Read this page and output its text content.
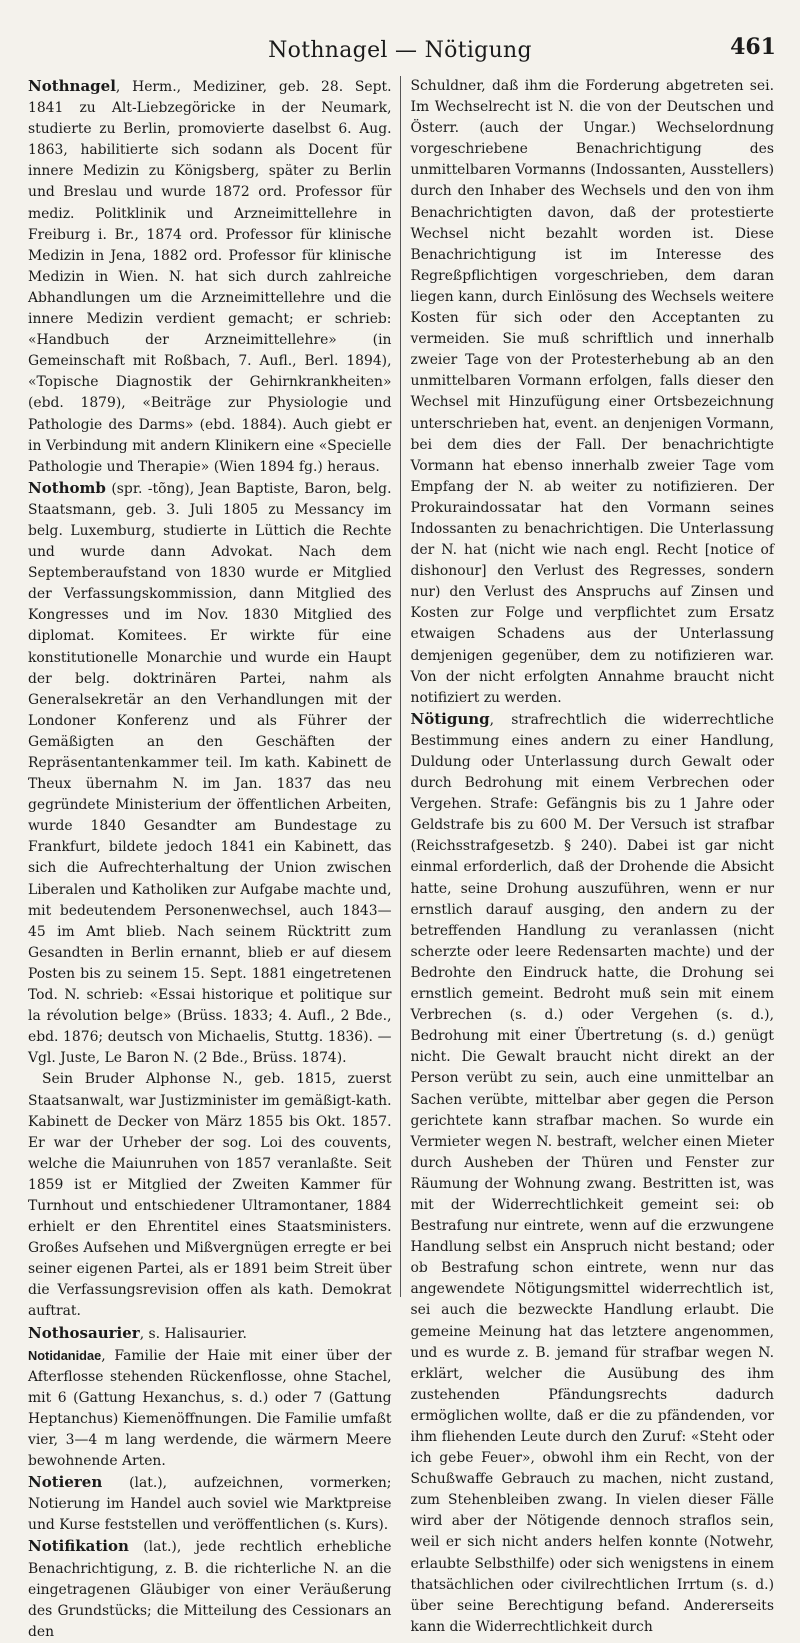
Nothnagel — Nötigung	461

Nothnagel, Herm., Mediziner, geb. 28. Sept. 1841 zu Alt-Liebzegöricke in der Neumark, studierte zu Berlin, promovierte daselbst 6. Aug. 1863, habilitierte sich sodann als Docent für innere Medizin zu Königsberg, später zu Berlin und Breslau und wurde 1872 ord. Professor für mediz. Politklinik und Arzneimittellehre in Freiburg i. Br., 1874 ord. Professor für klinische Medizin in Jena, 1882 ord. Professor für klinische Medizin in Wien. N. hat sich durch zahlreiche Abhandlungen um die Arzneimittellehre und die innere Medizin verdient gemacht; er schrieb: «Handbuch der Arzneimittellehre» (in Gemeinschaft mit Roßbach, 7. Aufl., Berl. 1894), «Topische Diagnostik der Gehirnkrankheiten» (ebd. 1879), «Beiträge zur Physiologie und Pathologie des Darms» (ebd. 1884). Auch giebt er in Verbindung mit andern Klinikern eine «Specielle Pathologie und Therapie» (Wien 1894 fg.) heraus.

Nothomb (spr. -tõng), Jean Baptiste, Baron, belg. Staatsmann, geb. 3. Juli 1805 zu Messancy im belg. Luxemburg, studierte in Lüttich die Rechte und wurde dann Advokat. Nach dem Septemberaufstand von 1830 wurde er Mitglied der Verfassungskommission, dann Mitglied des Kongresses und im Nov. 1830 Mitglied des diplomat. Komitees. Er wirkte für eine konstitutionelle Monarchie und wurde ein Haupt der belg. doktrinären Partei, nahm als Generalsekretär an den Verhandlungen mit der Londoner Konferenz und als Führer der Gemäßigten an den Geschäften der Repräsentantenkammer teil. Im kath. Kabinett de Theux übernahm N. im Jan. 1837 das neu gegründete Ministerium der öffentlichen Arbeiten, wurde 1840 Gesandter am Bundestage zu Frankfurt, bildete jedoch 1841 ein Kabinett, das sich die Aufrechterhaltung der Union zwischen Liberalen und Katholiken zur Aufgabe machte und, mit bedeutendem Personenwechsel, auch 1843—45 im Amt blieb. Nach seinem Rücktritt zum Gesandten in Berlin ernannt, blieb er auf diesem Posten bis zu seinem 15. Sept. 1881 eingetretenen Tod. N. schrieb: «Essai historique et politique sur la révolution belge» (Brüss. 1833; 4. Aufl., 2 Bde., ebd. 1876; deutsch von Michaelis, Stuttg. 1836). — Vgl. Juste, Le Baron N. (2 Bde., Brüss. 1874).

Sein Bruder Alphonse N., geb. 1815, zuerst Staatsanwalt, war Justizminister im gemäßigt-kath. Kabinett de Decker von März 1855 bis Okt. 1857. Er war der Urheber der sog. Loi des couvents, welche die Maiunruhen von 1857 veranlaßte. Seit 1859 ist er Mitglied der Zweiten Kammer für Turnhout und entschiedener Ultramontaner, 1884 erhielt er den Ehrentitel eines Staatsministers. Großes Aufsehen und Mißvergnügen erregte er bei seiner eigenen Partei, als er 1891 beim Streit über die Verfassungsrevision offen als kath. Demokrat auftrat.

Nothosaurier, s. Halisaurier.

Notidanidae, Familie der Haie mit einer über der Afterflosse stehenden Rückenflosse, ohne Stachel, mit 6 (Gattung Hexanchus, s. d.) oder 7 (Gattung Heptanchus) Kiemenöffnungen. Die Familie umfaßt vier, 3—4 m lang werdende, die wärmern Meere bewohnende Arten.

Notieren (lat.), aufzeichnen, vormerken; Notierung im Handel auch soviel wie Marktpreise und Kurse feststellen und veröffentlichen (s. Kurs).

Notifikation (lat.), jede rechtlich erhebliche Benachrichtigung, z. B. die richterliche N. an die eingetragenen Gläubiger von einer Veräußerung des Grundstücks; die Mitteilung des Cessionars an den

Schuldner, daß ihm die Forderung abgetreten sei. Im Wechselrecht ist N. die von der Deutschen und Österr. (auch der Ungar.) Wechselordnung vorgeschriebene Benachrichtigung des unmittelbaren Vormanns (Indossanten, Ausstellers) durch den Inhaber des Wechsels und den von ihm Benachrichtigten davon, daß der protestierte Wechsel nicht bezahlt worden ist. Diese Benachrichtigung ist im Interesse des Regreßpflichtigen vorgeschrieben, dem daran liegen kann, durch Einlösung des Wechsels weitere Kosten für sich oder den Acceptanten zu vermeiden. Sie muß schriftlich und innerhalb zweier Tage von der Protesterhebung ab an den unmittelbaren Vormann erfolgen, falls dieser den Wechsel mit Hinzufügung einer Ortsbezeichnung unterschrieben hat, event. an denjenigen Vormann, bei dem dies der Fall. Der benachrichtigte Vormann hat ebenso innerhalb zweier Tage vom Empfang der N. ab weiter zu notifizieren. Der Prokuraindossatar hat den Vormann seines Indossanten zu benachrichtigen. Die Unterlassung der N. hat (nicht wie nach engl. Recht [notice of dishonour] den Verlust des Regresses, sondern nur) den Verlust des Anspruchs auf Zinsen und Kosten zur Folge und verpflichtet zum Ersatz etwaigen Schadens aus der Unterlassung demjenigen gegenüber, dem zu notifizieren war. Von der nicht erfolgten Annahme braucht nicht notifiziert zu werden.

Nötigung, strafrechtlich die widerrechtliche Bestimmung eines andern zu einer Handlung, Duldung oder Unterlassung durch Gewalt oder durch Bedrohung mit einem Verbrechen oder Vergehen. Strafe: Gefängnis bis zu 1 Jahre oder Geldstrafe bis zu 600 M. Der Versuch ist strafbar (Reichsstrafgesetzb. § 240). Dabei ist gar nicht einmal erforderlich, daß der Drohende die Absicht hatte, seine Drohung auszuführen, wenn er nur ernstlich darauf ausging, den andern zu der betreffenden Handlung zu veranlassen (nicht scherzte oder leere Redensarten machte) und der Bedrohte den Eindruck hatte, die Drohung sei ernstlich gemeint. Bedroht muß sein mit einem Verbrechen (s. d.) oder Vergehen (s. d.), Bedrohung mit einer Übertretung (s. d.) genügt nicht. Die Gewalt braucht nicht direkt an der Person verübt zu sein, auch eine unmittelbar an Sachen verübte, mittelbar aber gegen die Person gerichtete kann strafbar machen. So wurde ein Vermieter wegen N. bestraft, welcher einen Mieter durch Ausheben der Thüren und Fenster zur Räumung der Wohnung zwang. Bestritten ist, was mit der Widerrechtlichkeit gemeint sei: ob Bestrafung nur eintrete, wenn auf die erzwungene Handlung selbst ein Anspruch nicht bestand; oder ob Bestrafung schon eintrete, wenn nur das angewendete Nötigungsmittel widerrechtlich ist, sei auch die bezweckte Handlung erlaubt. Die gemeine Meinung hat das letztere angenommen, und es wurde z. B. jemand für strafbar wegen N. erklärt, welcher die Ausübung des ihm zustehenden Pfändungsrechts dadurch ermöglichen wollte, daß er die zu pfändenden, vor ihm fliehenden Leute durch den Zuruf: «Steht oder ich gebe Feuer», obwohl ihm ein Recht, von der Schußwaffe Gebrauch zu machen, nicht zustand, zum Stehenbleiben zwang. In vielen dieser Fälle wird aber der Nötigende dennoch straflos sein, weil er sich nicht anders helfen konnte (Notwehr, erlaubte Selbsthilfe) oder sich wenigstens in einem thatsächlichen oder civilrechtlichen Irrtum (s. d.) über seine Berechtigung befand. Andererseits kann die Widerrechtlichkeit durch
